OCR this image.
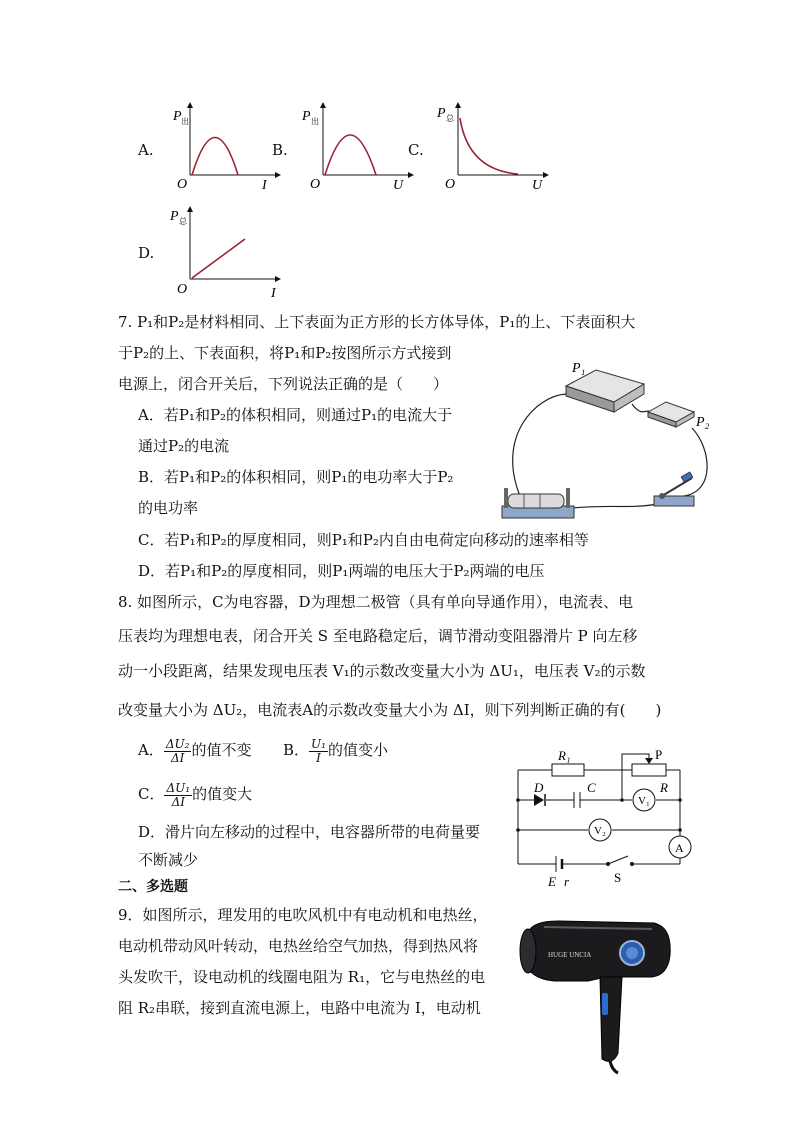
A.
P 出
O	I
B.
P 出
O	U
C.
P 总
O	U
D.
P 总
O	I
7. P₁和P₂是材料相同、上下表面为正方形的长方体导体，P₁的上、下表面积大
于P₂的上、下表面积，将P₁和P₂按图所示方式接到
电源上，闭合开关后，下列说法正确的是（　　）
A．若P₁和P₂的体积相同，则通过P₁的电流大于
通过P₂的电流
B．若P₁和P₂的体积相同，则P₁的电功率大于P₂
的电功率
C．若P₁和P₂的厚度相同，则P₁和P₂内自由电荷定向移动的速率相等
D．若P₁和P₂的厚度相同，则P₁两端的电压大于P₂两端的电压
P₁
P₂
8. 如图所示，C为电容器，D为理想二极管（具有单向导通作用），电流表、电
压表均为理想电表，闭合开关 S 至电路稳定后，调节滑动变阻器滑片 P 向左移
动一小段距离，结果发现电压表 V₁的示数改变量大小为 ΔU₁，电压表 V₂的示数
改变量大小为 ΔU₂，电流表A的示数改变量大小为 ΔI，则下列判断正确的有(　　)
A． $\frac{\text{ΔU₂}}{\Delta I}$ 的值不变 B． $\frac{\text{U₁}}{I}$ 的值变小
C． $\frac{\text{ΔU₁}}{\Delta I}$ 的值变大
D．滑片向左移动的过程中，电容器所带的电荷量要
不断减少
R₁	P
D	C
V₁
R
V₂
A
E r	S
二、多选题
9．如图所示，理发用的电吹风机中有电动机和电热丝，
电动机带动风叶转动，电热丝给空气加热，得到热风将
头发吹干，设电动机的线圈电阻为 R₁，它与电热丝的电
阻 R₂串联，接到直流电源上，电路中电流为 I，电动机
HUGE UNCIA
